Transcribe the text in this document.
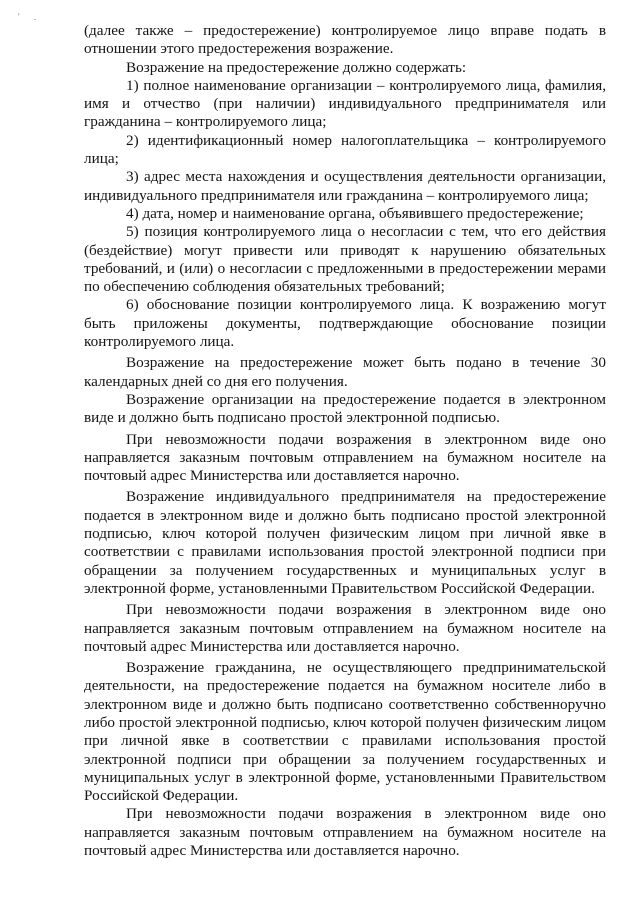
' .

(далее также – предостережение) контролируемое лицо вправе подать в отношении этого предостережения возражение.

Возражение на предостережение должно содержать:

1) полное наименование организации – контролируемого лица, фамилия, имя и отчество (при наличии) индивидуального предпринимателя или гражданина – контролируемого лица;

2) идентификационный номер налогоплательщика – контролируемого лица;

3) адрес места нахождения и осуществления деятельности организации, индивидуального предпринимателя или гражданина – контролируемого лица;

4) дата, номер и наименование органа, объявившего предостережение;

5) позиция контролируемого лица о несогласии с тем, что его действия (бездействие) могут привести или приводят к нарушению обязательных требований, и (или) о несогласии с предложенными в предостережении мерами по обеспечению соблюдения обязательных требований;

6) обоснование позиции контролируемого лица. К возражению могут быть приложены документы, подтверждающие обоснование позиции контролируемого лица.

Возражение на предостережение может быть подано в течение 30 календарных дней со дня его получения.

Возражение организации на предостережение подается в электронном виде и должно быть подписано простой электронной подписью.

При невозможности подачи возражения в электронном виде оно направляется заказным почтовым отправлением на бумажном носителе на почтовый адрес Министерства или доставляется нарочно.

Возражение индивидуального предпринимателя на предостережение подается в электронном виде и должно быть подписано простой электронной подписью, ключ которой получен физическим лицом при личной явке в соответствии с правилами использования простой электронной подписи при обращении за получением государственных и муниципальных услуг в электронной форме, установленными Правительством Российской Федерации.

При невозможности подачи возражения в электронном виде оно направляется заказным почтовым отправлением на бумажном носителе на почтовый адрес Министерства или доставляется нарочно.

Возражение гражданина, не осуществляющего предпринимательской деятельности, на предостережение подается на бумажном носителе либо в электронном виде и должно быть подписано соответственно собственноручно либо простой электронной подписью, ключ которой получен физическим лицом при личной явке в соответствии с правилами использования простой электронной подписи при обращении за получением государственных и муниципальных услуг в электронной форме, установленными Правительством Российской Федерации.

При невозможности подачи возражения в электронном виде оно направляется заказным почтовым отправлением на бумажном носителе на почтовый адрес Министерства или доставляется нарочно.
